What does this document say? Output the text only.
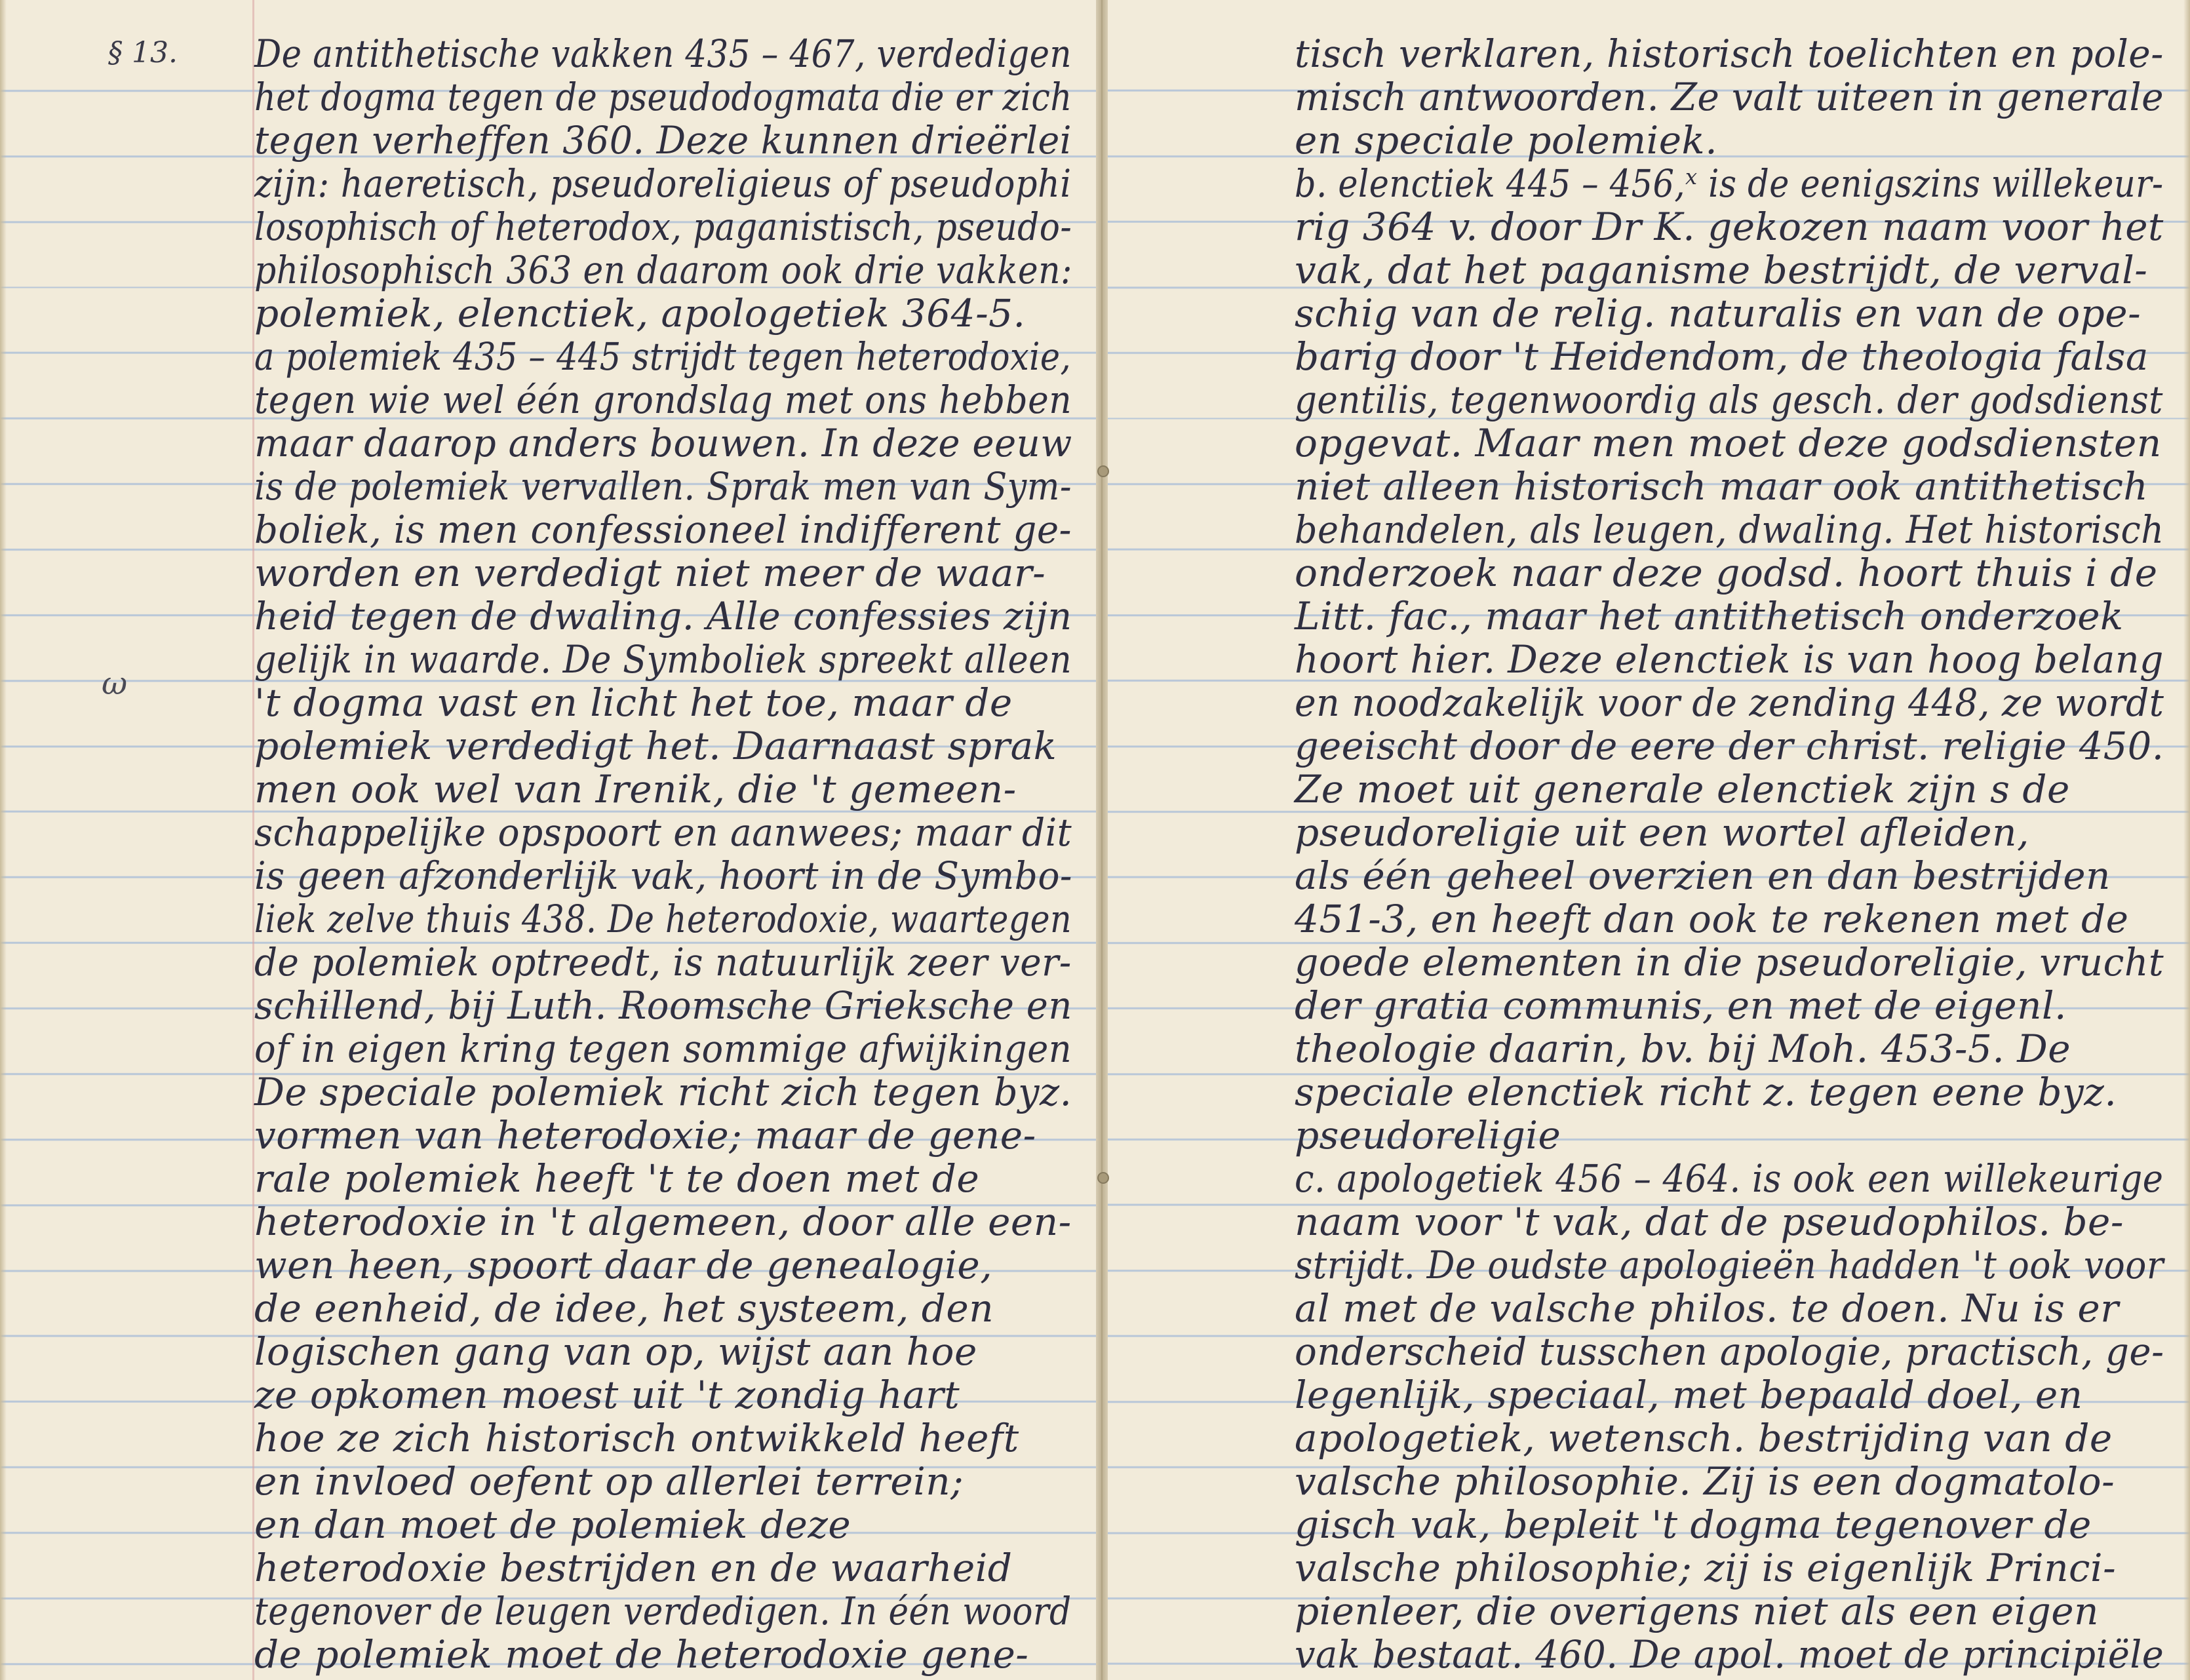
§ 13.
ω
De antithetische vakken 435 – 467, verdedigen
het dogma tegen de pseudodogmata die er zich
tegen verheffen 360. Deze kunnen drieërlei
zijn: haeretisch, pseudoreligieus of pseudophi
losophisch of heterodox, paganistisch, pseudo-
philosophisch 363 en daarom ook drie vakken:
polemiek, elenctiek, apologetiek 364-5.
a polemiek 435 – 445 strijdt tegen heterodoxie,
tegen wie wel één grondslag met ons hebben
maar daarop anders bouwen. In deze eeuw
is de polemiek vervallen. Sprak men van Sym-
boliek, is men confessioneel indifferent ge-
worden en verdedigt niet meer de waar-
heid tegen de dwaling. Alle confessies zijn
gelijk in waarde. De Symboliek spreekt alleen
't dogma vast en licht het toe, maar de
polemiek verdedigt het. Daarnaast sprak
men ook wel van Irenik, die 't gemeen-
schappelijke opspoort en aanwees; maar dit
is geen afzonderlijk vak, hoort in de Symbo-
liek zelve thuis 438. De heterodoxie, waartegen
de polemiek optreedt, is natuurlijk zeer ver-
schillend, bij Luth. Roomsche Grieksche en
of in eigen kring tegen sommige afwijkingen
De speciale polemiek richt zich tegen byz.
vormen van heterodoxie; maar de gene-
rale polemiek heeft 't te doen met de
heterodoxie in 't algemeen, door alle een-
wen heen, spoort daar de genealogie,
de eenheid, de idee, het systeem, den
logischen gang van op, wijst aan hoe
ze opkomen moest uit 't zondig hart
hoe ze zich historisch ontwikkeld heeft
en invloed oefent op allerlei terrein;
en dan moet de polemiek deze
heterodoxie bestrijden en de waarheid
tegenover de leugen verdedigen. In één woord
de polemiek moet de heterodoxie gene-
tisch verklaren, historisch toelichten en pole-
misch antwoorden. Ze valt uiteen in generale
en speciale polemiek.
b. elenctiek 445 – 456,ˣ is de eenigszins willekeur-
rig 364 v. door Dr K. gekozen naam voor het
vak, dat het paganisme bestrijdt, de verval-
schig van de relig. naturalis en van de ope-
barig door 't Heidendom, de theologia falsa
gentilis, tegenwoordig als gesch. der godsdienst
opgevat. Maar men moet deze godsdiensten
niet alleen historisch maar ook antithetisch
behandelen, als leugen, dwaling. Het historisch
onderzoek naar deze godsd. hoort thuis i de
Litt. fac., maar het antithetisch onderzoek
hoort hier. Deze elenctiek is van hoog belang
en noodzakelijk voor de zending 448, ze wordt
geeischt door de eere der christ. religie 450.
Ze moet uit generale elenctiek zijn s de
pseudoreligie uit een wortel afleiden,
als één geheel overzien en dan bestrijden
451-3, en heeft dan ook te rekenen met de
goede elementen in die pseudoreligie, vrucht
der gratia communis, en met de eigenl.
theologie daarin, bv. bij Moh. 453-5. De
speciale elenctiek richt z. tegen eene byz.
pseudoreligie
c. apologetiek 456 – 464. is ook een willekeurige
naam voor 't vak, dat de pseudophilos. be-
strijdt. De oudste apologieën hadden 't ook voor
al met de valsche philos. te doen. Nu is er
onderscheid tusschen apologie, practisch, ge-
legenlijk, speciaal, met bepaald doel, en
apologetiek, wetensch. bestrijding van de
valsche philosophie. Zij is een dogmatolo-
gisch vak, bepleit 't dogma tegenover de
valsche philosophie; zij is eigenlijk Princi-
pienleer, die overigens niet als een eigen
vak bestaat. 460. De apol. moet de principiële
